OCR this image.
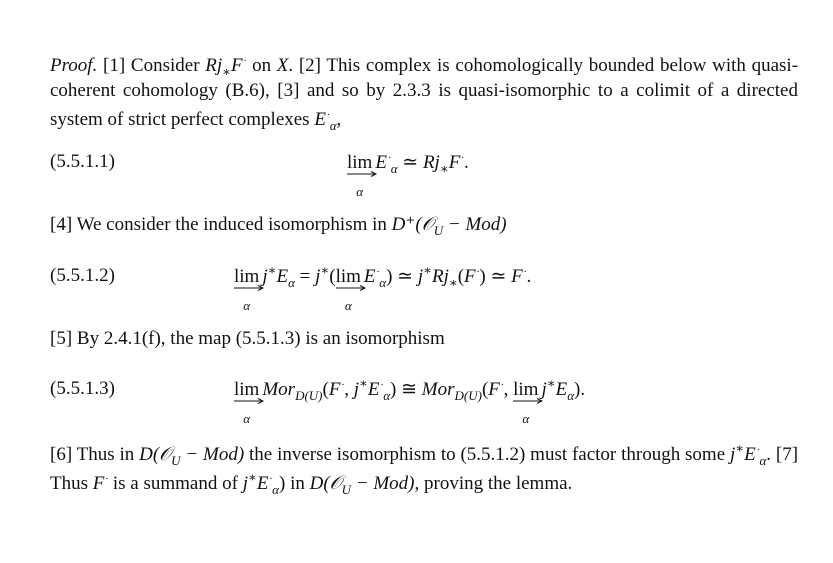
Proof. [1] Consider $Rj_∗F^\cdot$ on X. [2] This complex is cohomologically bounded below with quasi-coherent cohomology (B.6), [3] and so by 2.3.3 is quasi-isomorphic to a colimit of a directed system of strict perfect complexes $E^\cdot_\alpha$,

(5.5.1.1)	lim
α
$E^\cdot_\alpha$ ≃ $Rj_∗F^\cdot$.

[4] We consider the induced isomorphism in D⁺(𝒪$_U$ − Mod)

(5.5.1.2)	lim
α
$j^∗E_\alpha = j^∗(\lim$
α
$E^\cdot_\alpha$) ≃ $j^∗Rj_∗(F^\cdot)$ ≃ F·.

[5] By 2.4.1(f), the map (5.5.1.3) is an isomorphism

(5.5.1.3)	lim
α
Mor$_{D(U)}$(F·, $j^∗E^\cdot_\alpha$) ≅ Mor$_{D(U)}$(F·, lim
α
$j^∗E_\alpha$).

[6] Thus in D(𝒪$_U$ − Mod) the inverse isomorphism to (5.5.1.2) must factor through some $j^∗E^\cdot_\alpha$. [7] Thus F· is a summand of $j^∗E^\cdot_\alpha$) in D(𝒪$_U$ − Mod), proving the lemma.
